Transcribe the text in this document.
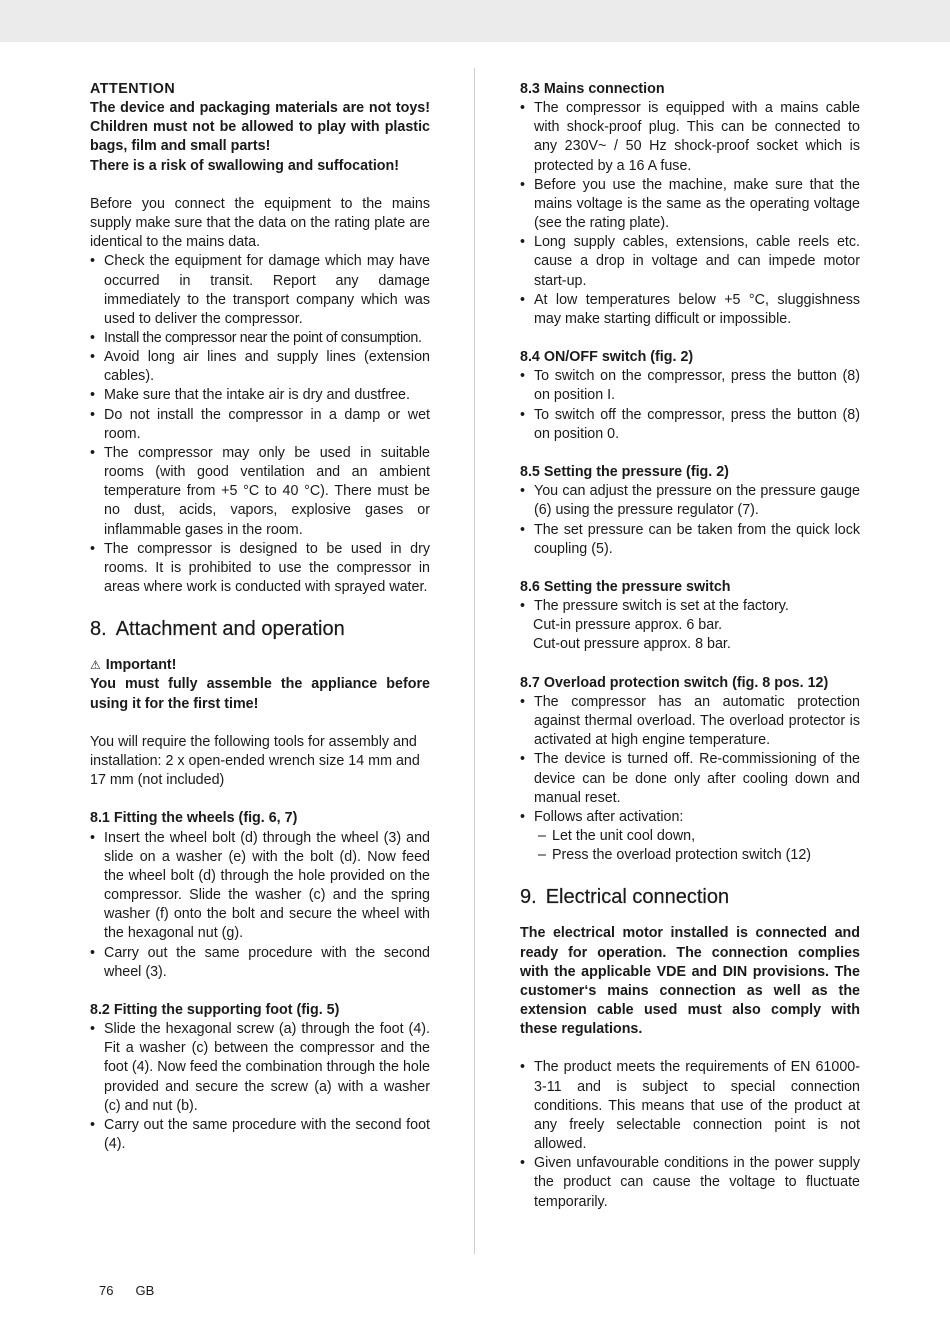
ATTENTION

The device and packaging materials are not toys! Children must not be allowed to play with plastic bags, film and small parts!

There is a risk of swallowing and suffocation!

Before you connect the equipment to the mains supply make sure that the data on the rating plate are identical to the mains data.

• Check the equipment for damage which may have occurred in transit. Report any damage immediately to the transport company which was used to deliver the compressor.
• Install the compressor near the point of consumption.
• Avoid long air lines and supply lines (extension cables).
• Make sure that the intake air is dry and dustfree.
• Do not install the compressor in a damp or wet room.
• The compressor may only be used in suitable rooms (with good ventilation and an ambient temperature from +5 °C to 40 °C). There must be no dust, acids, vapors, explosive gases or inflammable gases in the room.
• The compressor is designed to be used in dry rooms. It is prohibited to use the compressor in areas where work is conducted with sprayed water.
8. Attachment and operation

⚠ Important!

You must fully assemble the appliance before using it for the first time!

You will require the following tools for assembly and installation: 2 x open-ended wrench size 14 mm and 17 mm (not included)

8.1 Fitting the wheels (fig. 6, 7)

• Insert the wheel bolt (d) through the wheel (3) and slide on a washer (e) with the bolt (d). Now feed the wheel bolt (d) through the hole provided on the compressor. Slide the washer (c) and the spring washer (f) onto the bolt and secure the wheel with the hexagonal nut (g).
• Carry out the same procedure with the second wheel (3).

8.2 Fitting the supporting foot (fig. 5)

• Slide the hexagonal screw (a) through the foot (4). Fit a washer (c) between the compressor and the foot (4). Now feed the combination through the hole provided and secure the screw (a) with a washer (c) and nut (b).
• Carry out the same procedure with the second foot (4).

8.3 Mains connection

• The compressor is equipped with a mains cable with shock-proof plug. This can be connected to any 230V~ / 50 Hz shock-proof socket which is protected by a 16 A fuse.
• Before you use the machine, make sure that the mains voltage is the same as the operating voltage (see the rating plate).
• Long supply cables, extensions, cable reels etc. cause a drop in voltage and can impede motor start-up.
• At low temperatures below +5 °C, sluggishness may make starting difficult or impossible.

8.4 ON/OFF switch (fig. 2)

• To switch on the compressor, press the button (8) on position I.
• To switch off the compressor, press the button (8) on position 0.

8.5 Setting the pressure (fig. 2)

• You can adjust the pressure on the pressure gauge (6) using the pressure regulator (7).
• The set pressure can be taken from the quick lock coupling (5).

8.6 Setting the pressure switch

• The pressure switch is set at the factory.

Cut-in pressure approx. 6 bar.

Cut-out pressure approx. 8 bar.

8.7 Overload protection switch (fig. 8 pos. 12)

• The compressor has an automatic protection against thermal overload. The overload protector is activated at high engine temperature.
• The device is turned off. Re-commissioning of the device can be done only after cooling down and manual reset.
• Follows after activation:
– Let the unit cool down,
– Press the overload protection switch (12)
9. Electrical connection

The electrical motor installed is connected and ready for operation. The connection complies with the applicable VDE and DIN provisions. The customer‘s mains connection as well as the extension cable used must also comply with these regulations.

• The product meets the requirements of EN 61000-3-11 and is subject to special connection conditions. This means that use of the product at any freely selectable connection point is not allowed.
• Given unfavourable conditions in the power supply the product can cause the voltage to fluctuate temporarily.
76 GB
